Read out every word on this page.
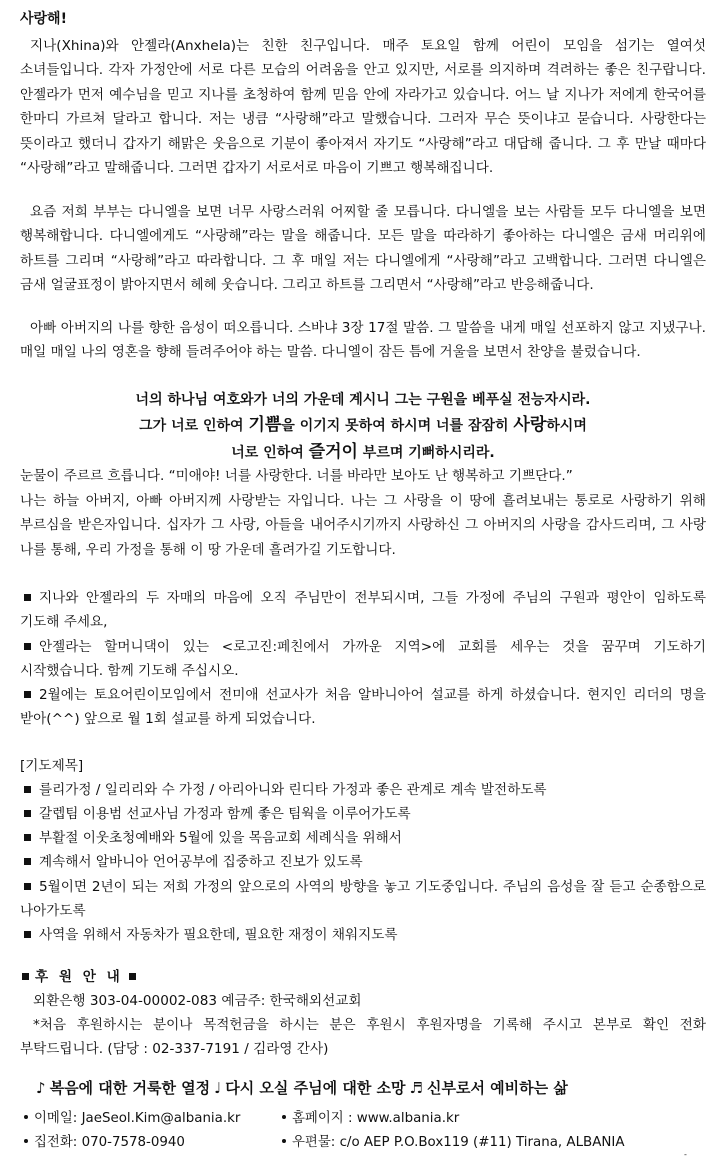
사랑해!
지나(Xhina)와 안젤라(Anxhela)는 친한 친구입니다. 매주 토요일 함께 어린이 모임을 섬기는 열여섯 소녀들입니다. 각자 가정안에 서로 다른 모습의 어려움을 안고 있지만, 서로를 의지하며 격려하는 좋은 친구랍니다. 안젤라가 먼저 예수님을 믿고 지나를 초청하여 함께 믿음 안에 자라가고 있습니다. 어느 날 지나가 저에게 한국어를 한마디 가르쳐 달라고 합니다. 저는 냉큼 “사랑해”라고 말했습니다. 그러자 무슨 뜻이냐고 묻습니다. 사랑한다는 뜻이라고 했더니 갑자기 해맑은 웃음으로 기분이 좋아져서 자기도 “사랑해”라고 대답해 줍니다. 그 후 만날 때마다 “사랑해”라고 말해줍니다. 그러면 갑자기 서로서로 마음이 기쁘고 행복해집니다.
요즘 저희 부부는 다니엘을 보면 너무 사랑스러워 어찌할 줄 모릅니다. 다니엘을 보는 사람들 모두 다니엘을 보면 행복해합니다. 다니엘에게도 “사랑해”라는 말을 해줍니다. 모든 말을 따라하기 좋아하는 다니엘은 금새 머리위에 하트를 그리며 “사랑해”라고 따라합니다. 그 후 매일 저는 다니엘에게 “사랑해”라고 고백합니다. 그러면 다니엘은 금새 얼굴표정이 밝아지면서 헤헤 웃습니다. 그리고 하트를 그리면서 “사랑해”라고 반응해줍니다.
아빠 아버지의 나를 향한 음성이 떠오릅니다. 스바냐 3장 17절 말씀. 그 말씀을 내게 매일 선포하지 않고 지냈구나. 매일 매일 나의 영혼을 향해 들려주어야 하는 말씀. 다니엘이 잠든 틈에 거울을 보면서 찬양을 불렀습니다.
너의 하나님 여호와가 너의 가운데 계시니 그는 구원을 베푸실 전능자시라.
그가 너로 인하여 기쁨을 이기지 못하여 하시며 너를 잠잠히 사랑하시며
너로 인하여 즐거이 부르며 기뻐하시리라.
눈물이 주르르 흐릅니다. “미애야! 너를 사랑한다. 너를 바라만 보아도 난 행복하고 기쁘단다.”
나는 하늘 아버지, 아빠 아버지께 사랑받는 자입니다. 나는 그 사랑을 이 땅에 흘려보내는 통로로 사랑하기 위해 부르심을 받은자입니다. 십자가 그 사랑, 아들을 내어주시기까지 사랑하신 그 아버지의 사랑을 감사드리며, 그 사랑 나를 통해, 우리 가정을 통해 이 땅 가운데 흘려가길 기도합니다.
지나와 안젤라의 두 자매의 마음에 오직 주님만이 전부되시며, 그들 가정에 주님의 구원과 평안이 임하도록 기도해 주세요,
안젤라는 할머니댁이 있는 <로고진:페친에서 가까운 지역>에 교회를 세우는 것을 꿈꾸며 기도하기 시작했습니다. 함께 기도해 주십시오.
2월에는 토요어린이모임에서 전미애 선교사가 처음 알바니아어 설교를 하게 하셨습니다. 현지인 리더의 명을 받아(^^) 앞으로 월 1회 설교를 하게 되었습니다.
[기도제목]
를리가정 / 일리리와 수 가정 / 아리아니와 린디타 가정과 좋은 관계로 계속 발전하도록
갈렙팀 이용범 선교사님 가정과 함께 좋은 팀웍을 이루어가도록
부활절 이웃초청예배와 5월에 있을 목음교회 세례식을 위해서
계속해서 알바니아 언어공부에 집중하고 진보가 있도록
5월이면 2년이 되는 저희 가정의 앞으로의 사역의 방향을 놓고 기도중입니다. 주님의 음성을 잘 듣고 순종함으로 나아가도록
사역을 위해서 자동차가 필요한데, 필요한 재정이 채워지도록
후 원 안 내
외환은행 303-04-00002-083 예금주: 한국해외선교회
*처음 후원하시는 분이나 목적헌금을 하시는 분은 후원시 후원자명을 기록해 주시고 본부로 확인 전화 부탁드립니다. (담당 : 02-337-7191 / 김라영 간사)
♪ 복음에 대한 거룩한 열정 ♩ 다시 오실 주님에 대한 소망 ♬ 신부로서 예비하는 삶
이메일: JaeSeol.Kim@albania.kr	홈페이지 : www.albania.kr
집전화: 070-7578-0940	우편물: c/o AEP P.O.Box119 (#11) Tirana, ALBANIA
-
